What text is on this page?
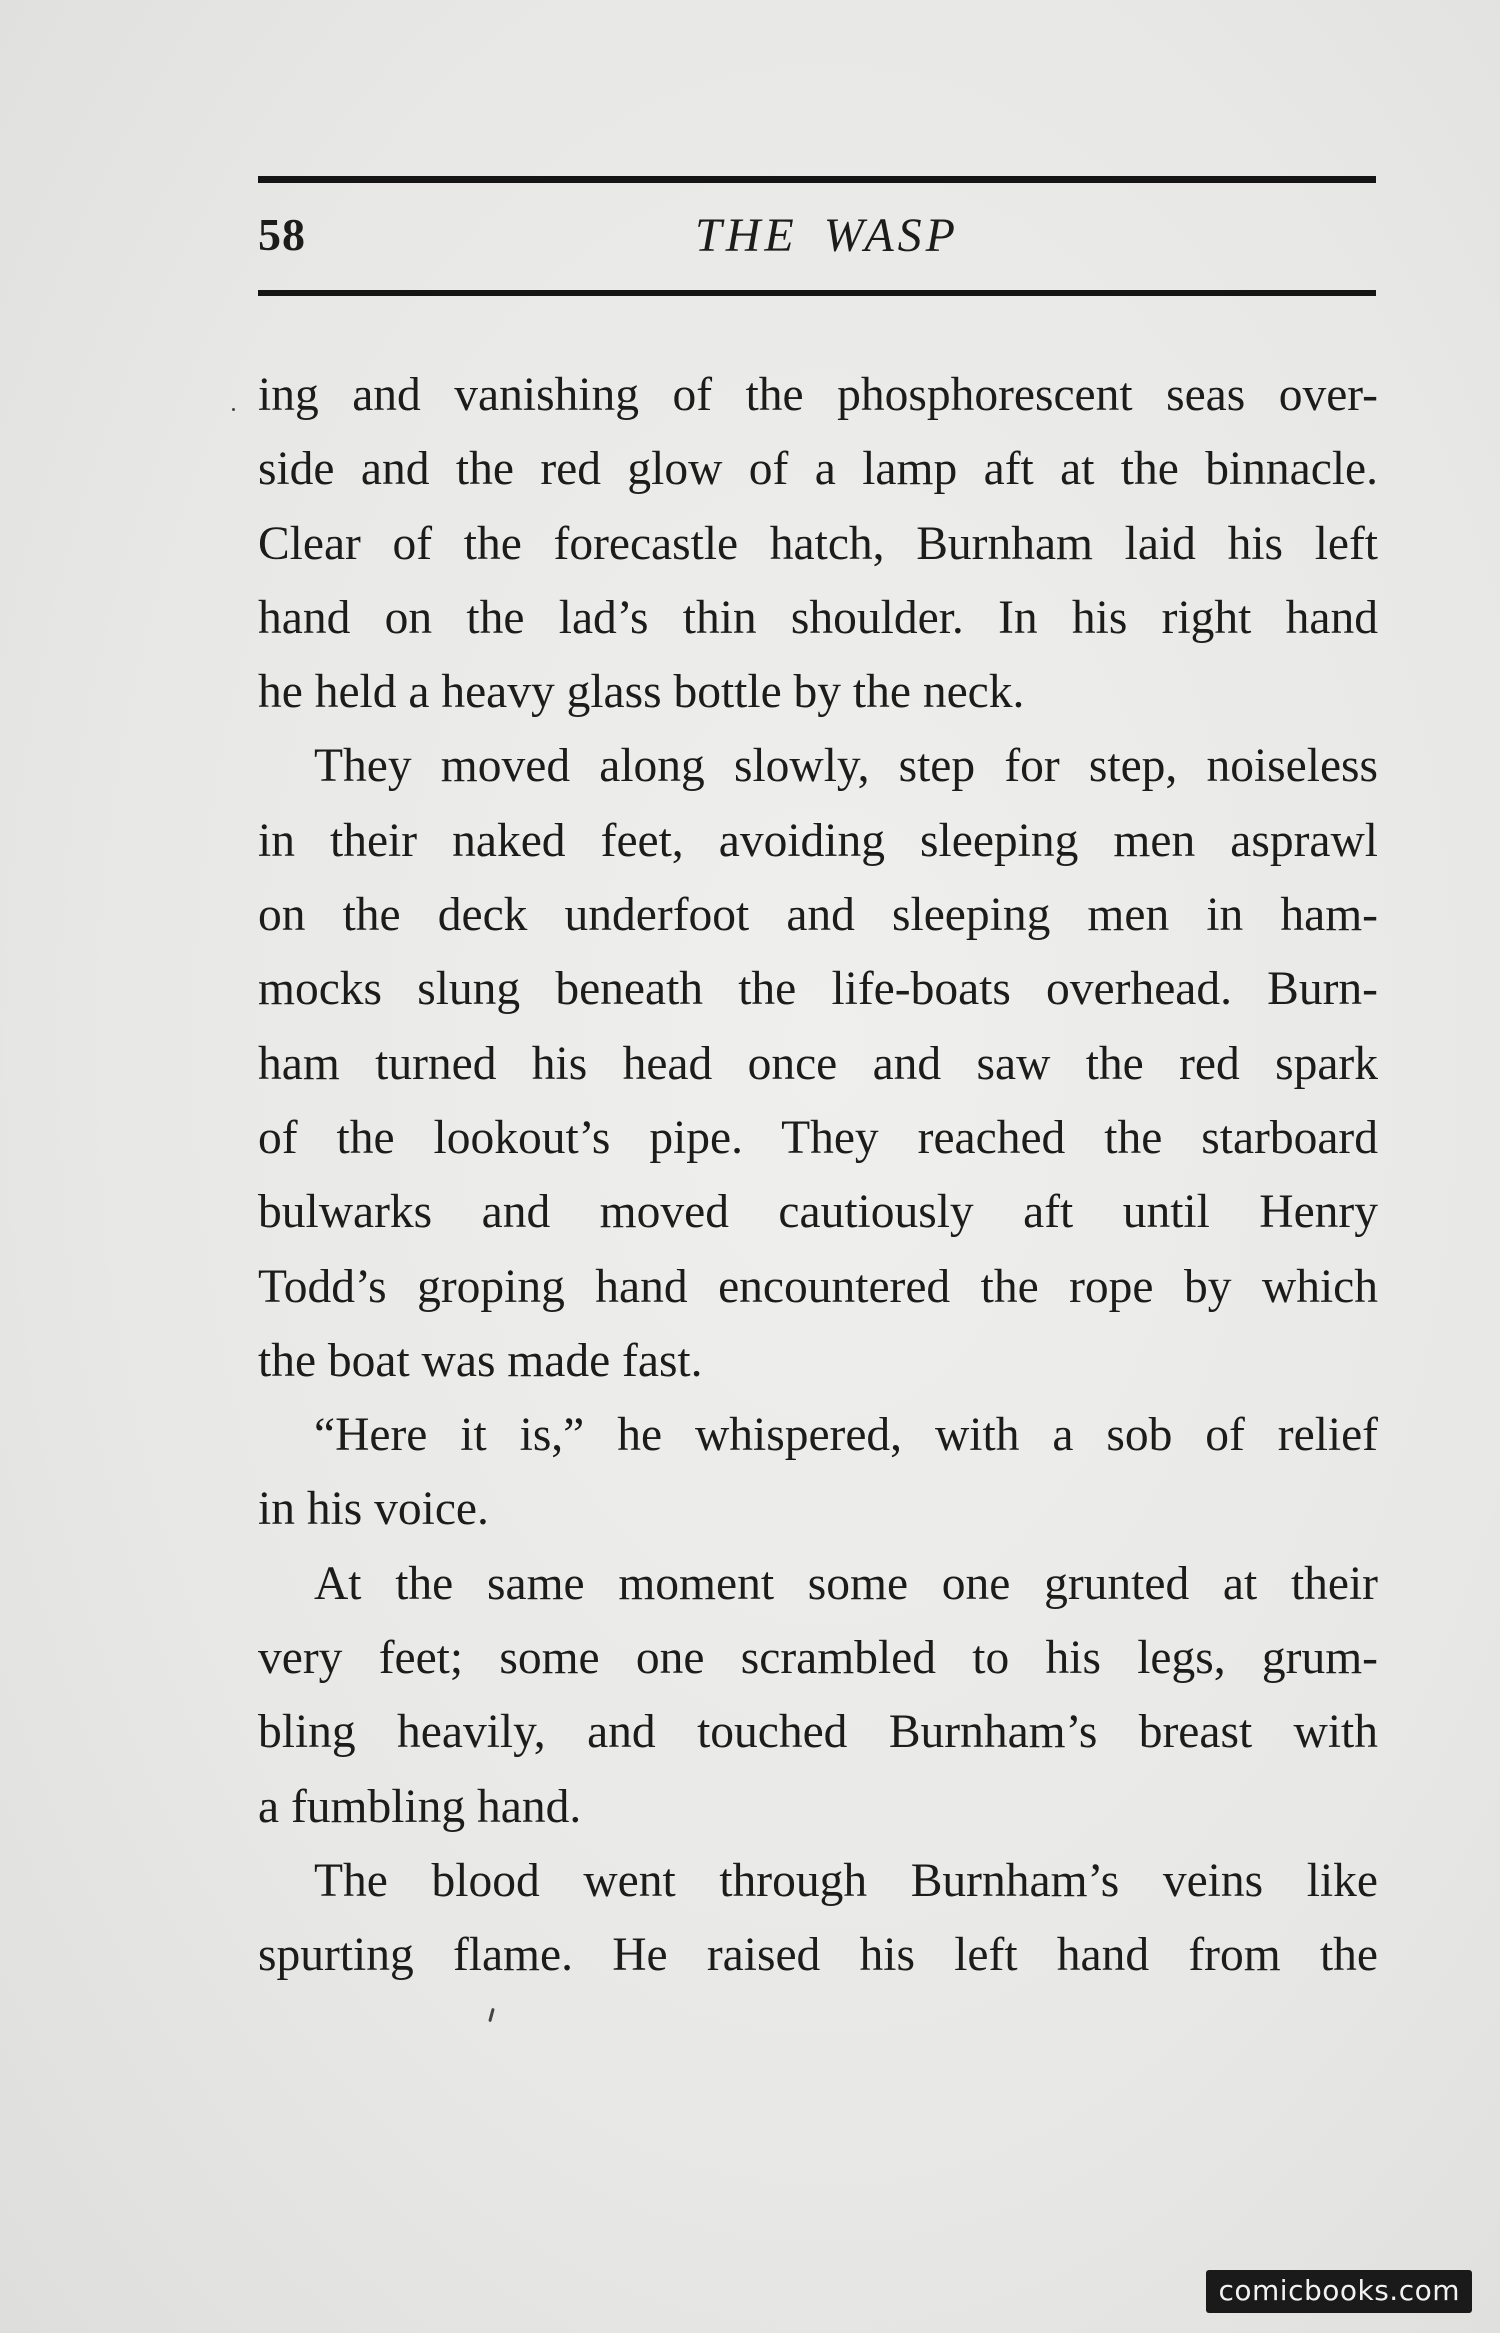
58	THE WASP

ing and vanishing of the phosphorescent seas over-

side and the red glow of a lamp aft at the binnacle.

Clear of the forecastle hatch, Burnham laid his left

hand on the lad’s thin shoulder. In his right hand

he held a heavy glass bottle by the neck.

They moved along slowly, step for step, noiseless

in their naked feet, avoiding sleeping men asprawl

on the deck underfoot and sleeping men in ham-

mocks slung beneath the life-boats overhead. Burn-

ham turned his head once and saw the red spark

of the lookout’s pipe. They reached the starboard

bulwarks and moved cautiously aft until Henry

Todd’s groping hand encountered the rope by which

the boat was made fast.

“Here it is,” he whispered, with a sob of relief

in his voice.

At the same moment some one grunted at their

very feet; some one scrambled to his legs, grum-

bling heavily, and touched Burnham’s breast with

a fumbling hand.

The blood went through Burnham’s veins like

spurting flame. He raised his left hand from the

comicbooks.com
